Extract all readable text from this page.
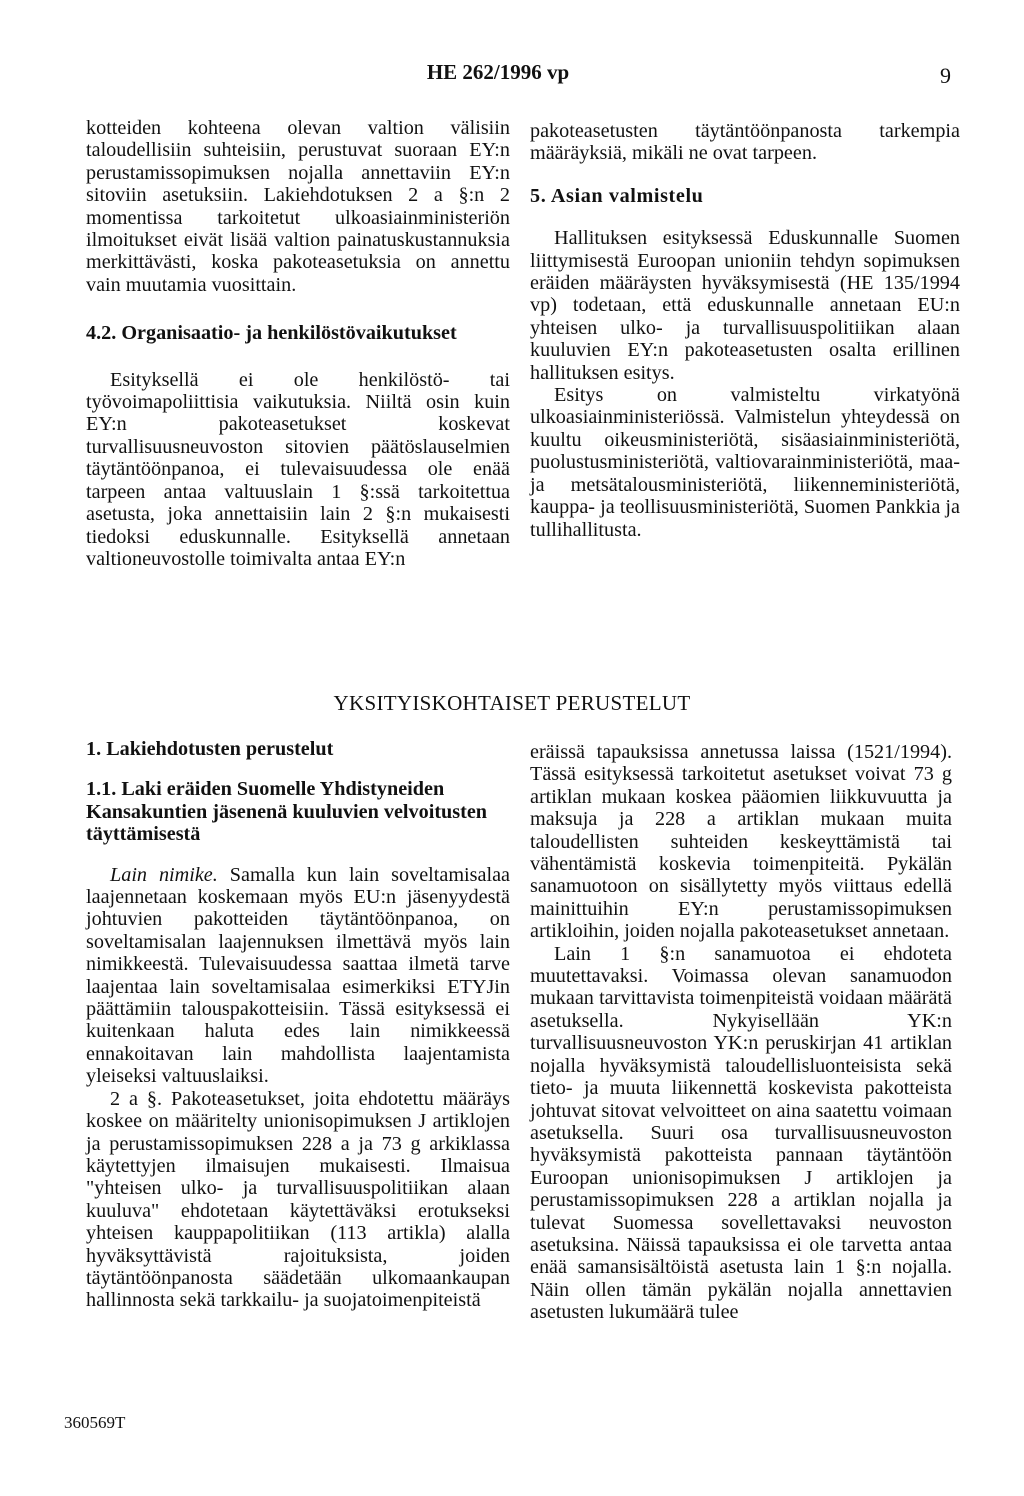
HE 262/1996 vp	9

kotteiden kohteena olevan valtion välisiin taloudellisiin suhteisiin, perustuvat suoraan EY:n perustamissopimuksen nojalla annettaviin EY:n sitoviin asetuksiin. Lakiehdotuksen 2 a §:n 2 momentissa tarkoitetut ulkoasiainministeriön ilmoitukset eivät lisää valtion painatuskustannuksia merkittävästi, koska pakoteasetuksia on annettu vain muutamia vuosittain.

4.2. Organisaatio- ja henkilöstövaikutukset

Esityksellä ei ole henkilöstö- tai työvoimapoliittisia vaikutuksia. Niiltä osin kuin EY:n pakoteasetukset koskevat turvallisuusneuvoston sitovien päätöslauselmien täytäntöönpanoa, ei tulevaisuudessa ole enää tarpeen antaa valtuuslain 1 §:ssä tarkoitettua asetusta, joka annettaisiin lain 2 §:n mukaisesti tiedoksi eduskunnalle. Esityksellä annetaan valtioneuvostolle toimivalta antaa EY:n

pakoteasetusten täytäntöönpanosta tarkempia määräyksiä, mikäli ne ovat tarpeen.

5. Asian valmistelu

Hallituksen esityksessä Eduskunnalle Suomen liittymisestä Euroopan unioniin tehdyn sopimuksen eräiden määräysten hyväksymisestä (HE 135/1994 vp) todetaan, että eduskunnalle annetaan EU:n yhteisen ulko- ja turvallisuuspolitiikan alaan kuuluvien EY:n pakoteasetusten osalta erillinen hallituksen esitys.

Esitys on valmisteltu virkatyönä ulkoasiainministeriössä. Valmistelun yhteydessä on kuultu oikeusministeriötä, sisäasiainministeriötä, puolustusministeriötä, valtiovarainministeriötä, maa- ja metsätalousministeriötä, liikenneministeriötä, kauppa- ja teollisuusministeriötä, Suomen Pankkia ja tullihallitusta.

YKSITYISKOHTAISET PERUSTELUT

1. Lakiehdotusten perustelut

1.1. Laki eräiden Suomelle Yhdistyneiden Kansakuntien jäsenenä kuuluvien velvoitusten täyttämisestä

Lain nimike. Samalla kun lain soveltamisalaa laajennetaan koskemaan myös EU:n jäsenyydestä johtuvien pakotteiden täytäntöönpanoa, on soveltamisalan laajennuksen ilmettävä myös lain nimikkeestä. Tulevaisuudessa saattaa ilmetä tarve laajentaa lain soveltamisalaa esimerkiksi ETYJin päättämiin talouspakotteisiin. Tässä esityksessä ei kuitenkaan haluta edes lain nimikkeessä ennakoitavan lain mahdollista laajentamista yleiseksi valtuuslaiksi.

2 a §. Pakoteasetukset, joita ehdotettu määräys koskee on määritelty unionisopimuksen J artiklojen ja perustamissopimuksen 228 a ja 73 g arkiklassa käytettyjen ilmaisujen mukaisesti. Ilmaisua "yhteisen ulko- ja turvallisuuspolitiikan alaan kuuluva" ehdotetaan käytettäväksi erotukseksi yhteisen kauppapolitiikan (113 artikla) alalla hyväksyttävistä rajoituksista, joiden täytäntöönpanosta säädetään ulkomaankaupan hallinnosta sekä tarkkailu- ja suojatoimenpiteistä

eräissä tapauksissa annetussa laissa (1521/1994). Tässä esityksessä tarkoitetut asetukset voivat 73 g artiklan mukaan koskea pääomien liikkuvuutta ja maksuja ja 228 a artiklan mukaan muita taloudellisten suhteiden keskeyttämistä tai vähentämistä koskevia toimenpiteitä. Pykälän sanamuotoon on sisällytetty myös viittaus edellä mainittuihin EY:n perustamissopimuksen artikloihin, joiden nojalla pakoteasetukset annetaan.

Lain 1 §:n sanamuotoa ei ehdoteta muutettavaksi. Voimassa olevan sanamuodon mukaan tarvittavista toimenpiteistä voidaan määrätä asetuksella. Nykyisellään YK:n turvallisuusneuvoston YK:n peruskirjan 41 artiklan nojalla hyväksymistä taloudellisluonteisista sekä tieto- ja muuta liikennettä koskevista pakotteista johtuvat sitovat velvoitteet on aina saatettu voimaan asetuksella. Suuri osa turvallisuusneuvoston hyväksymistä pakotteista pannaan täytäntöön Euroopan unionisopimuksen J artiklojen ja perustamissopimuksen 228 a artiklan nojalla ja tulevat Suomessa sovellettavaksi neuvoston asetuksina. Näissä tapauksissa ei ole tarvetta antaa enää samansisältöistä asetusta lain 1 §:n nojalla. Näin ollen tämän pykälän nojalla annettavien asetusten lukumäärä tulee

360569T
